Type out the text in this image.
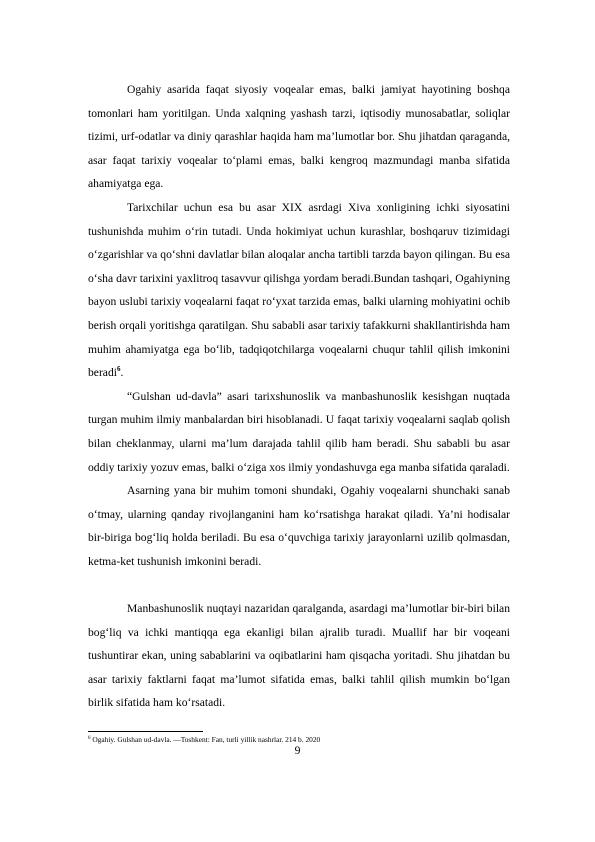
Ogahiy asarida faqat siyosiy voqealar emas, balki jamiyat hayotining boshqa tomonlari ham yoritilgan. Unda xalqning yashash tarzi, iqtisodiy munosabatlar, soliqlar tizimi, urf-odatlar va diniy qarashlar haqida ham ma’lumotlar bor. Shu jihatdan qaraganda, asar faqat tarixiy voqealar to‘plami emas, balki kengroq mazmundagi manba sifatida ahamiyatga ega.

Tarixchilar uchun esa bu asar XIX asrdagi Xiva xonligining ichki siyosatini tushunishda muhim o‘rin tutadi. Unda hokimiyat uchun kurashlar, boshqaruv tizimidagi o‘zgarishlar va qo‘shni davlatlar bilan aloqalar ancha tartibli tarzda bayon qilingan. Bu esa o‘sha davr tarixini yaxlitroq tasavvur qilishga yordam beradi.Bundan tashqari, Ogahiyning bayon uslubi tarixiy voqealarni faqat ro‘yxat tarzida emas, balki ularning mohiyatini ochib berish orqali yoritishga qaratilgan. Shu sababli asar tarixiy tafakkurni shakllantirishda ham muhim ahamiyatga ega bo‘lib, tadqiqotchilarga voqealarni chuqur tahlil qilish imkonini beradi$^6$.

“Gulshan ud-davla” asari tarixshunoslik va manbashunoslik kesishgan nuqtada turgan muhim ilmiy manbalardan biri hisoblanadi. U faqat tarixiy voqealarni saqlab qolish bilan cheklanmay, ularni ma’lum darajada tahlil qilib ham beradi. Shu sababli bu asar oddiy tarixiy yozuv emas, balki o‘ziga xos ilmiy yondashuvga ega manba sifatida qaraladi.

Asarning yana bir muhim tomoni shundaki, Ogahiy voqealarni shunchaki sanab o‘tmay, ularning qanday rivojlanganini ham ko‘rsatishga harakat qiladi. Ya’ni hodisalar bir-biriga bog‘liq holda beriladi. Bu esa o‘quvchiga tarixiy jarayonlarni uzilib qolmasdan, ketma-ket tushunish imkonini beradi.

Manbashunoslik nuqtayi nazaridan qaralganda, asardagi ma’lumotlar bir-biri bilan bog‘liq va ichki mantiqqa ega ekanligi bilan ajralib turadi. Muallif har bir voqeani tushuntirar ekan, uning sabablarini va oqibatlarini ham qisqacha yoritadi. Shu jihatdan bu asar tarixiy faktlarni faqat ma’lumot sifatida emas, balki tahlil qilish mumkin bo‘lgan birlik sifatida ham ko‘rsatadi.

$^6$ Ogahiy. Gulshan ud-davla. —Toshkent: Fan, turli yillik nashrlar. 214 b. 2020
9
